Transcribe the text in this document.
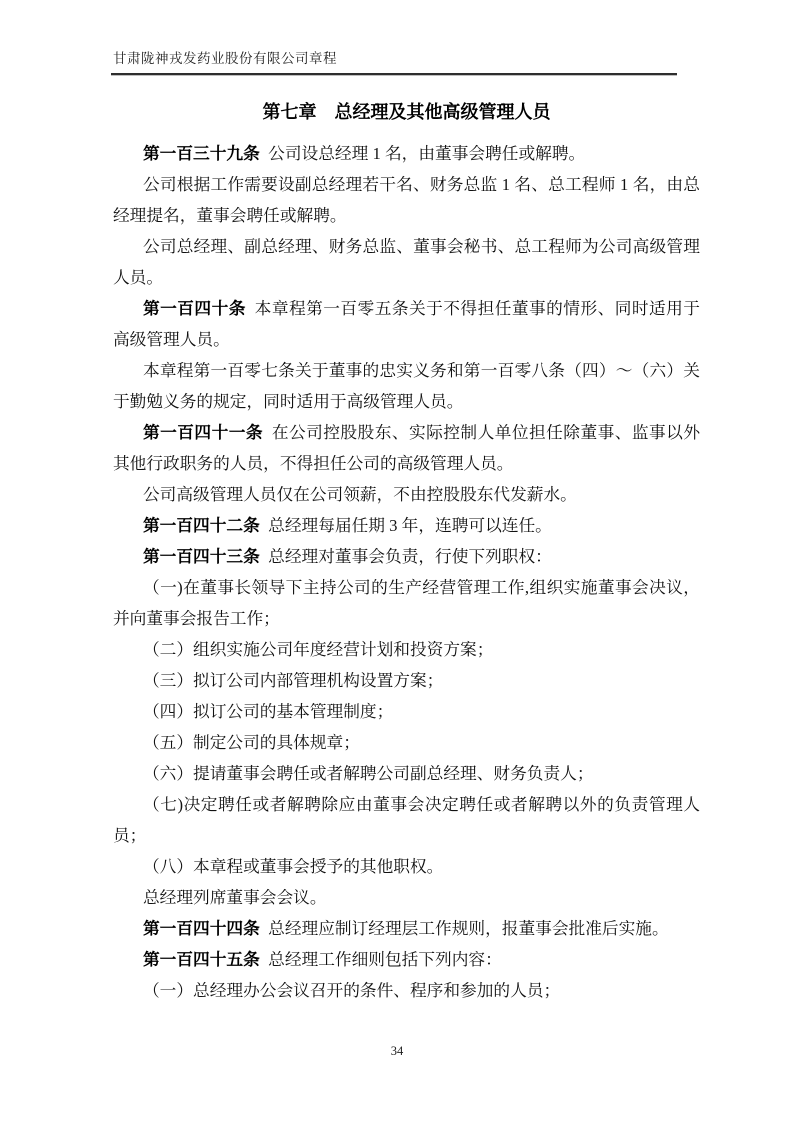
甘肃陇神戎发药业股份有限公司章程
第七章　总经理及其他高级管理人员

第一百三十九条 公司设总经理 1 名，由董事会聘任或解聘。

公司根据工作需要设副总经理若干名、财务总监 1 名、总工程师 1 名，由总经理提名，董事会聘任或解聘。

公司总经理、副总经理、财务总监、董事会秘书、总工程师为公司高级管理人员。

第一百四十条 本章程第一百零五条关于不得担任董事的情形、同时适用于高级管理人员。

本章程第一百零七条关于董事的忠实义务和第一百零八条（四）～（六）关于勤勉义务的规定，同时适用于高级管理人员。

第一百四十一条 在公司控股股东、实际控制人单位担任除董事、监事以外其他行政职务的人员，不得担任公司的高级管理人员。

公司高级管理人员仅在公司领薪，不由控股股东代发薪水。

第一百四十二条 总经理每届任期 3 年，连聘可以连任。

第一百四十三条 总经理对董事会负责，行使下列职权：

（一)在董事长领导下主持公司的生产经营管理工作,组织实施董事会决议，并向董事会报告工作；

（二）组织实施公司年度经营计划和投资方案；

（三）拟订公司内部管理机构设置方案；

（四）拟订公司的基本管理制度；

（五）制定公司的具体规章；

（六）提请董事会聘任或者解聘公司副总经理、财务负责人；

（七)决定聘任或者解聘除应由董事会决定聘任或者解聘以外的负责管理人员；

（八）本章程或董事会授予的其他职权。

总经理列席董事会会议。

第一百四十四条 总经理应制订经理层工作规则，报董事会批准后实施。

第一百四十五条 总经理工作细则包括下列内容：

（一）总经理办公会议召开的条件、程序和参加的人员；

34
